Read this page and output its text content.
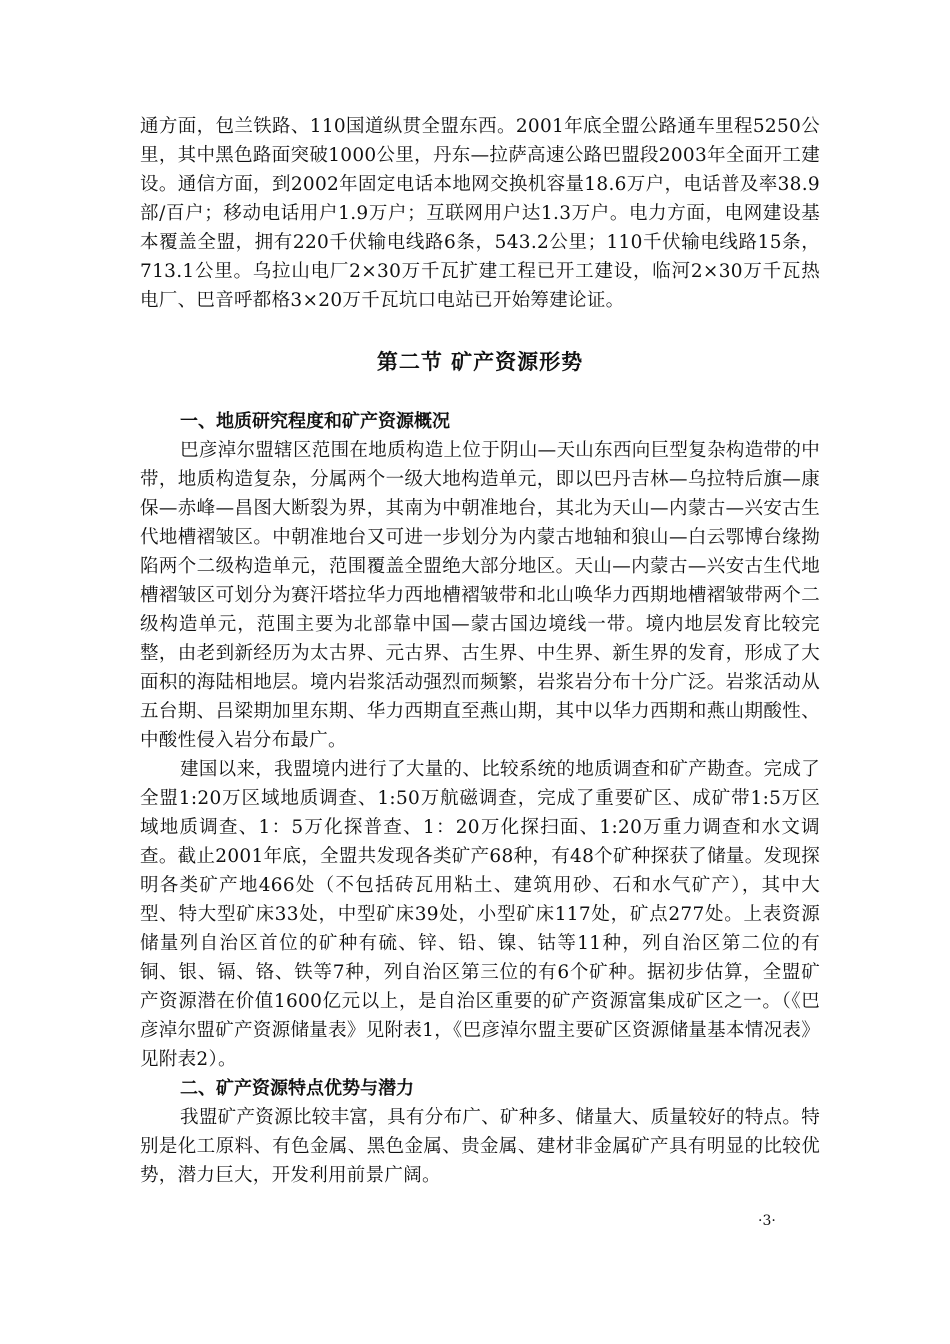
通方面，包兰铁路、110国道纵贯全盟东西。2001年底全盟公路通车里程5250公里，其中黑色路面突破1000公里，丹东—拉萨高速公路巴盟段2003年全面开工建设。通信方面，到2002年固定电话本地网交换机容量18.6万户，电话普及率38.9部/百户；移动电话用户1.9万户；互联网用户达1.3万户。电力方面，电网建设基本覆盖全盟，拥有220千伏输电线路6条，543.2公里；110千伏输电线路15条，713.1公里。乌拉山电厂2×30万千瓦扩建工程已开工建设，临河2×30万千瓦热电厂、巴音呼都格3×20万千瓦坑口电站已开始筹建论证。

第二节 矿产资源形势
一、地质研究程度和矿产资源概况

巴彦淖尔盟辖区范围在地质构造上位于阴山—天山东西向巨型复杂构造带的中带，地质构造复杂，分属两个一级大地构造单元，即以巴丹吉林—乌拉特后旗—康保—赤峰—昌图大断裂为界，其南为中朝准地台，其北为天山—内蒙古—兴安古生代地槽褶皱区。中朝准地台又可进一步划分为内蒙古地轴和狼山—白云鄂博台缘拗陷两个二级构造单元，范围覆盖全盟绝大部分地区。天山—内蒙古—兴安古生代地槽褶皱区可划分为赛汗塔拉华力西地槽褶皱带和北山唤华力西期地槽褶皱带两个二级构造单元，范围主要为北部靠中国—蒙古国边境线一带。境内地层发育比较完整，由老到新经历为太古界、元古界、古生界、中生界、新生界的发育，形成了大面积的海陆相地层。境内岩浆活动强烈而频繁，岩浆岩分布十分广泛。岩浆活动从五台期、吕梁期加里东期、华力西期直至燕山期，其中以华力西期和燕山期酸性、中酸性侵入岩分布最广。

建国以来，我盟境内进行了大量的、比较系统的地质调查和矿产勘查。完成了全盟1:20万区域地质调查、1:50万航磁调查，完成了重要矿区、成矿带1:5万区域地质调查、1：5万化探普查、1：20万化探扫面、1:20万重力调查和水文调查。截止2001年底，全盟共发现各类矿产68种，有48个矿种探获了储量。发现探明各类矿产地466处（不包括砖瓦用粘土、建筑用砂、石和水气矿产），其中大型、特大型矿床33处，中型矿床39处，小型矿床117处，矿点277处。上表资源储量列自治区首位的矿种有硫、锌、铅、镍、钴等11种，列自治区第二位的有铜、银、镉、铬、铁等7种，列自治区第三位的有6个矿种。据初步估算，全盟矿产资源潜在价值1600亿元以上，是自治区重要的矿产资源富集成矿区之一。（《巴彦淖尔盟矿产资源储量表》见附表1，《巴彦淖尔盟主要矿区资源储量基本情况表》见附表2）。

二、矿产资源特点优势与潜力

我盟矿产资源比较丰富，具有分布广、矿种多、储量大、质量较好的特点。特别是化工原料、有色金属、黑色金属、贵金属、建材非金属矿产具有明显的比较优势，潜力巨大，开发利用前景广阔。

·3·
